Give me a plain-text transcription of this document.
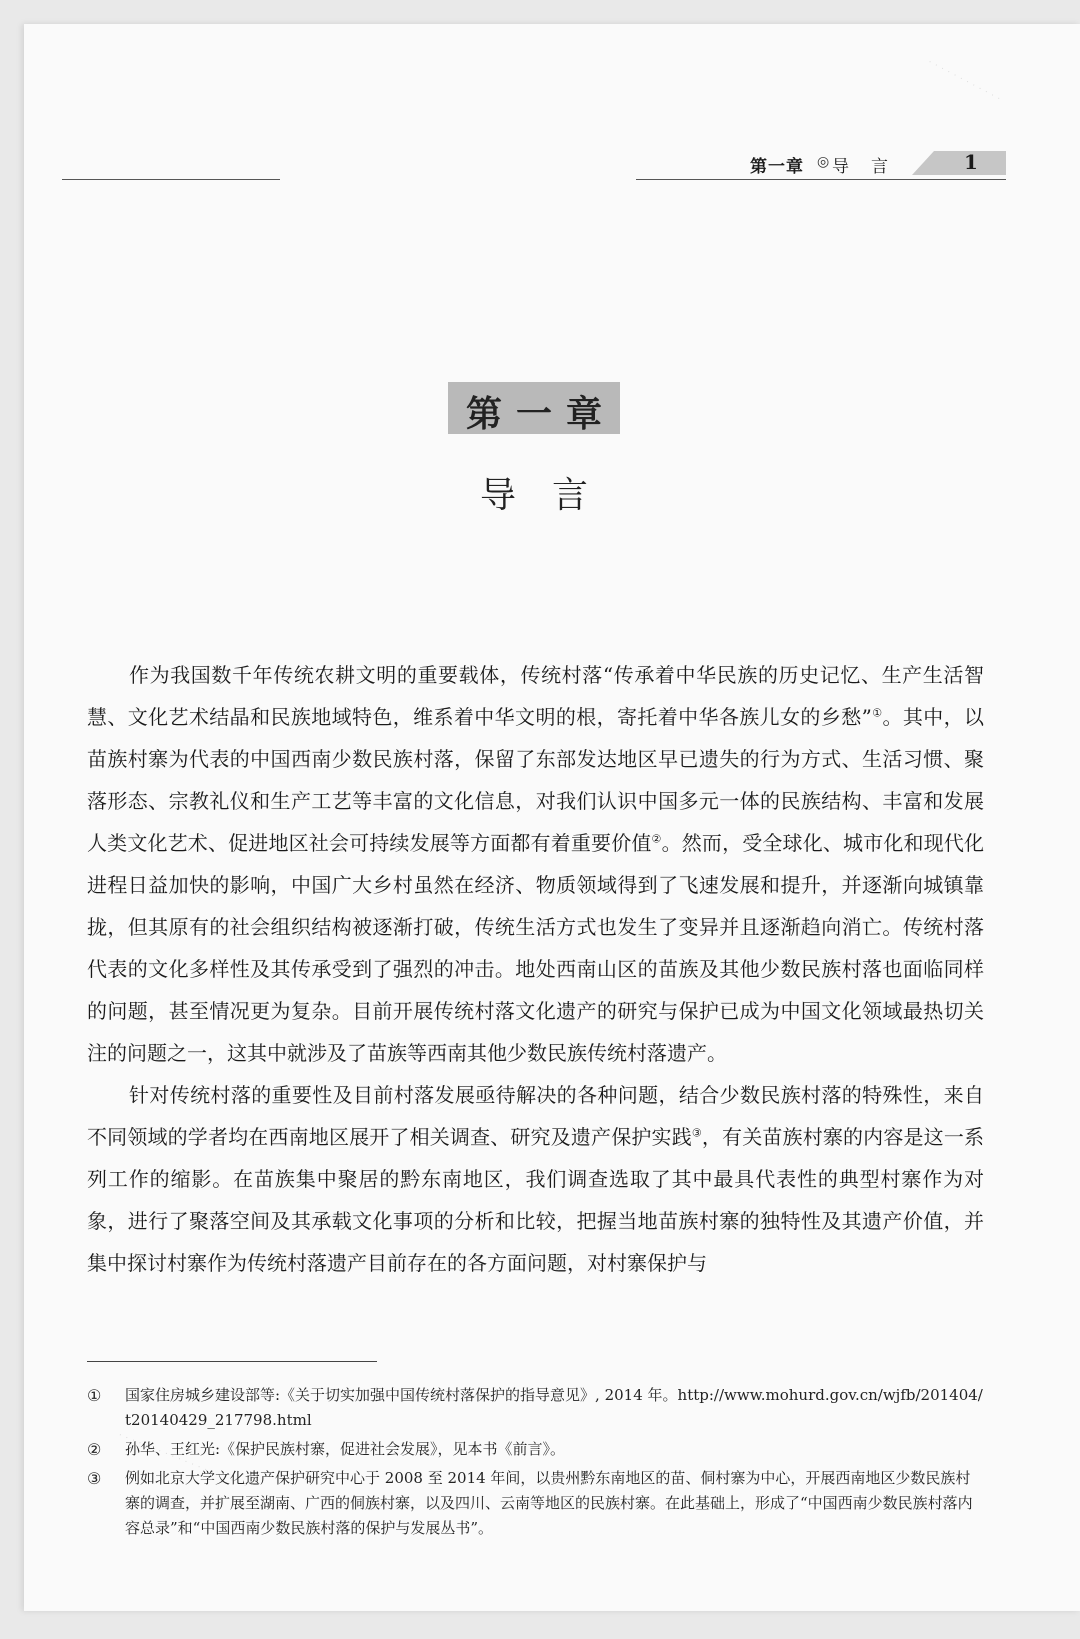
· · · · · · · · · · · ·
· · · · · · · · · · · · · · · · · · · ·
第一章 ◎ 导言	1
第一章
导言

作为我国数千年传统农耕文明的重要载体，传统村落“传承着中华民族的历史记忆、生产生活智慧、文化艺术结晶和民族地域特色，维系着中华文明的根，寄托着中华各族儿女的乡愁”①。其中，以苗族村寨为代表的中国西南少数民族村落，保留了东部发达地区早已遗失的行为方式、生活习惯、聚落形态、宗教礼仪和生产工艺等丰富的文化信息，对我们认识中国多元一体的民族结构、丰富和发展人类文化艺术、促进地区社会可持续发展等方面都有着重要价值②。然而，受全球化、城市化和现代化进程日益加快的影响，中国广大乡村虽然在经济、物质领域得到了飞速发展和提升，并逐渐向城镇靠拢，但其原有的社会组织结构被逐渐打破，传统生活方式也发生了变异并且逐渐趋向消亡。传统村落代表的文化多样性及其传承受到了强烈的冲击。地处西南山区的苗族及其他少数民族村落也面临同样的问题，甚至情况更为复杂。目前开展传统村落文化遗产的研究与保护已成为中国文化领域最热切关注的问题之一，这其中就涉及了苗族等西南其他少数民族传统村落遗产。

针对传统村落的重要性及目前村落发展亟待解决的各种问题，结合少数民族村落的特殊性，来自不同领域的学者均在西南地区展开了相关调查、研究及遗产保护实践③，有关苗族村寨的内容是这一系列工作的缩影。在苗族集中聚居的黔东南地区，我们调查选取了其中最具代表性的典型村寨作为对象，进行了聚落空间及其承载文化事项的分析和比较，把握当地苗族村寨的独特性及其遗产价值，并集中探讨村寨作为传统村落遗产目前存在的各方面问题，对村寨保护与

①	国家住房城乡建设部等:《关于切实加强中国传统村落保护的指导意见》, 2014 年。http://www.mohurd.gov.cn/wjfb/201404/t20140429_217798.html
②	孙华、王红光:《保护民族村寨，促进社会发展》，见本书《前言》。
③	例如北京大学文化遗产保护研究中心于 2008 至 2014 年间，以贵州黔东南地区的苗、侗村寨为中心，开展西南地区少数民族村寨的调查，并扩展至湖南、广西的侗族村寨，以及四川、云南等地区的民族村寨。在此基础上，形成了“中国西南少数民族村落内容总录”和“中国西南少数民族村落的保护与发展丛书”。
